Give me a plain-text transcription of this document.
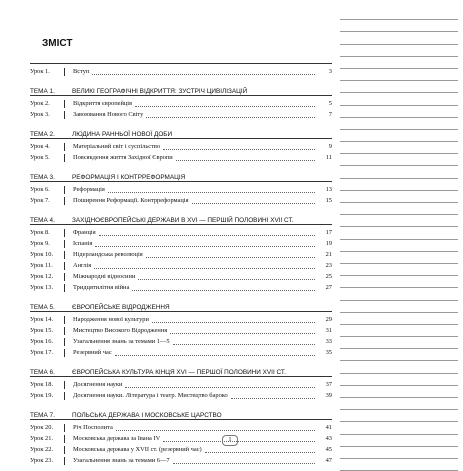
ЗМІСТ
Урок 1.	Вступ	3
ТЕМА 1.	ВЕЛИКІ ГЕОГРАФІЧНІ ВІДКРИТТЯ: ЗУСТРІЧ ЦИВІЛІЗАЦІЙ
Урок 2.	Відкриття європейців	5
Урок 3.	Завоювання Нового Світу	7
ТЕМА 2.	ЛЮДИНА РАННЬОЇ НОВОЇ ДОБИ
Урок 4.	Матеріальний світ і суспільство	9
Урок 5.	Повсякдення життя Західної Європи	11
ТЕМА 3.	РЕФОРМАЦІЯ І КОНТРРЕФОРМАЦІЯ
Урок 6.	Реформація	13
Урок 7.	Поширення Реформації. Контрреформація	15
ТЕМА 4.	ЗАХІДНОЄВРОПЕЙСЬКІ ДЕРЖАВИ В XVI — ПЕРШІЙ ПОЛОВИНІ XVII СТ.
Урок 8.	Франція	17
Урок 9.	Іспанія	19
Урок 10.	Нідерландська революція	21
Урок 11.	Англія	23
Урок 12.	Міжнародні відносини	25
Урок 13.	Тридцятилітня війна	27
ТЕМА 5.	ЄВРОПЕЙСЬКЕ ВІДРОДЖЕННЯ
Урок 14.	Народження нової культури	29
Урок 15.	Мистецтво Високого Відродження	31
Урок 16.	Узагальнення знань за темами 1—5	33
Урок 17.	Резервний час	35
ТЕМА 6.	ЄВРОПЕЙСЬКА КУЛЬТУРА КІНЦЯ XVI — ПЕРШОЇ ПОЛОВИНИ XVII СТ.
Урок 18.	Досягнення науки	37
Урок 19.	Досягнення науки. Література і театр. Мистецтво бароко	39
ТЕМА 7.	ПОЛЬСЬКА ДЕРЖАВА І МОСКОВСЬКЕ ЦАРСТВО
Урок 20.	Річ Посполита	41
Урок 21.	Московська держава за Івана IV	43
Урок 22.	Московська держава у XVII ст. (резервний час)	45
Урок 23.	Узагальнення знань за темами 6—7	47
1
